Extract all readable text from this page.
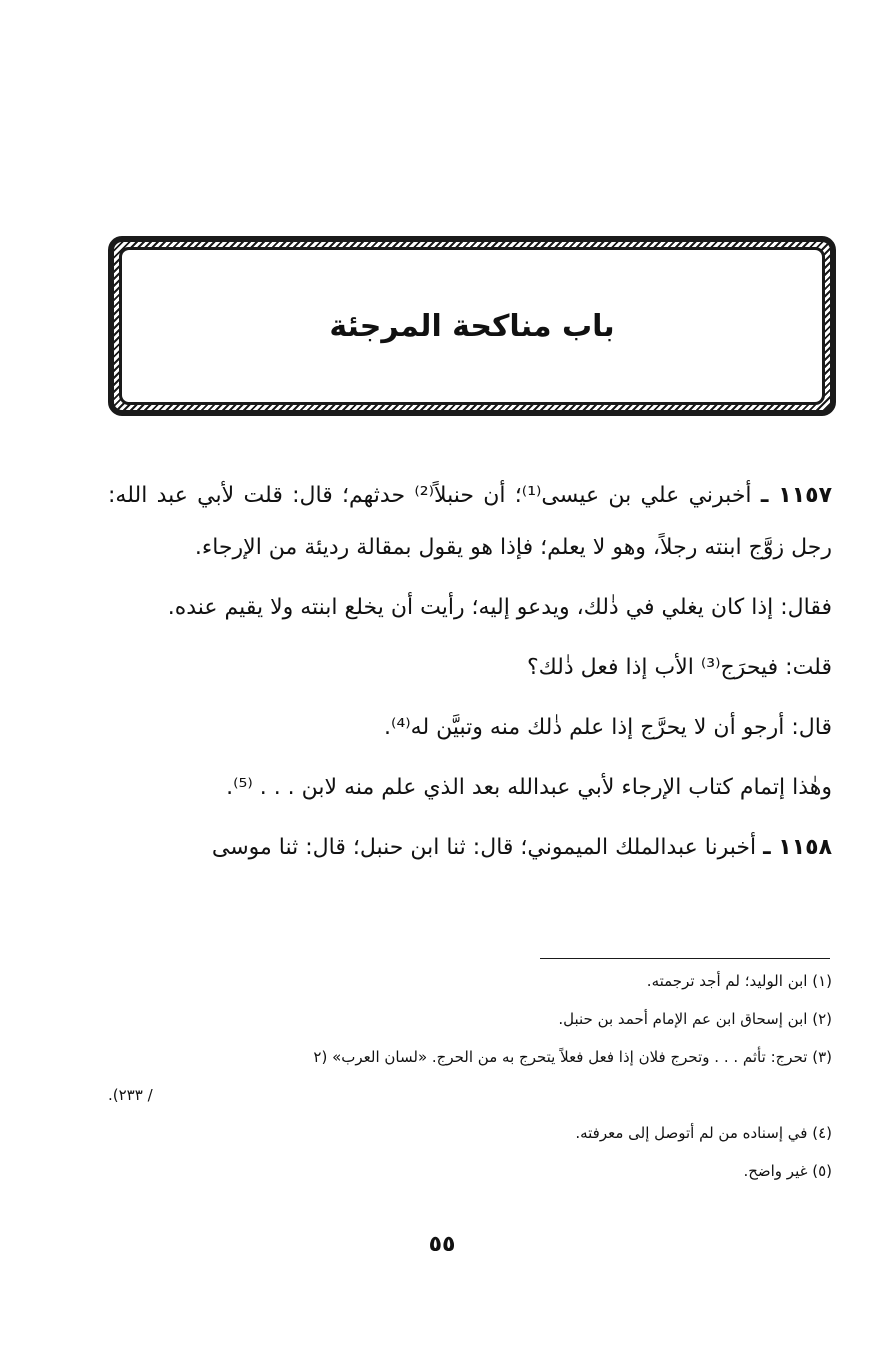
باب مناكحة المرجئة

١١٥٧ ـ أخبرني علي بن عيسى⁽¹⁾؛ أن حنبلاً⁽²⁾ حدثهم؛ قال: قلت لأبي عبد الله: رجل زوَّج ابنته رجلاً، وهو لا يعلم؛ فإذا هو يقول بمقالة رديئة من الإرجاء.

فقال: إذا كان يغلي في ذٰلك، ويدعو إليه؛ رأيت أن يخلع ابنته ولا يقيم عنده.

قلت: فيحرَج⁽³⁾ الأب إذا فعل ذٰلك؟

قال: أرجو أن لا يحرَّج إذا علم ذٰلك منه وتبيَّن له⁽⁴⁾.

وهٰذا إتمام كتاب الإرجاء لأبي عبدالله بعد الذي علم منه لابن . . . ⁽⁵⁾.

١١٥٨ ـ أخبرنا عبدالملك الميموني؛ قال: ثنا ابن حنبل؛ قال: ثنا موسى

(١) ابن الوليد؛ لم أجد ترجمته.
(٢) ابن إسحاق ابن عم الإمام أحمد بن حنبل.
(٣) تحرج: تأثم . . . وتحرج فلان إذا فعل فعلاً يتحرج به من الحرج. «لسان العرب» (٢
/ ٢٣٣).
(٤) في إسناده من لم أتوصل إلى معرفته.
(٥) غير واضح.
٥٥
